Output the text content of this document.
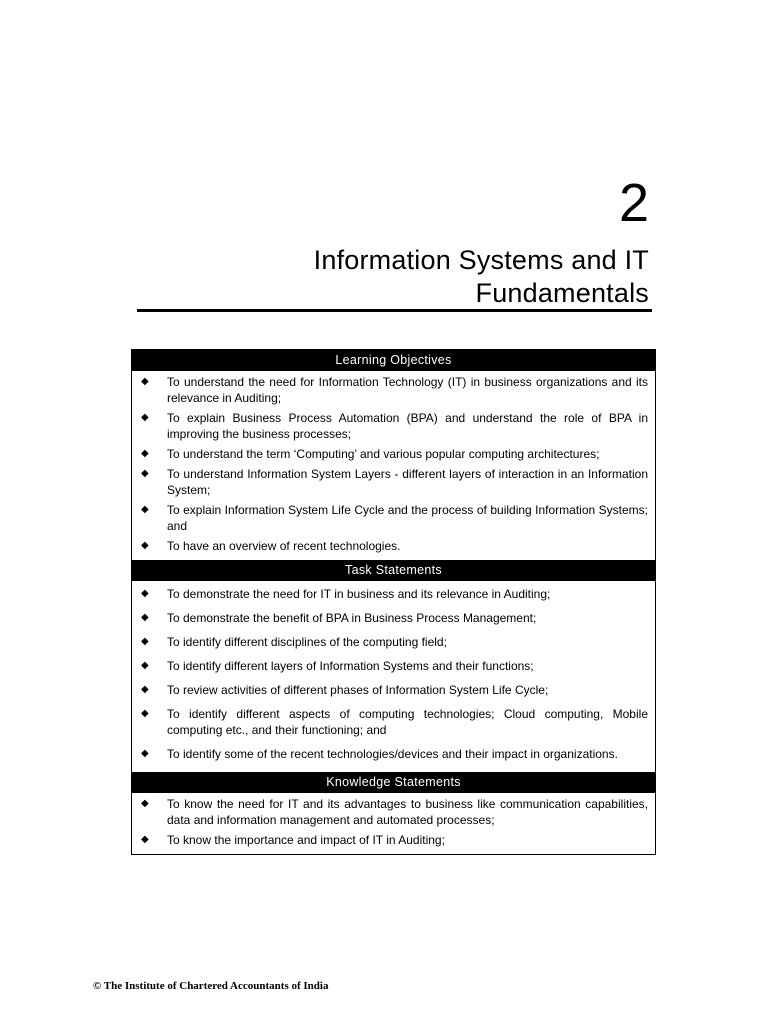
2
Information Systems and IT
Fundamentals
Learning Objectives
◆ To understand the need for Information Technology (IT) in business organizations and its relevance in Auditing;
◆ To explain Business Process Automation (BPA) and understand the role of BPA in improving the business processes;
◆ To understand the term ‘Computing’ and various popular computing architectures;
◆ To understand Information System Layers - different layers of interaction in an Information System;
◆ To explain Information System Life Cycle and the process of building Information Systems; and
◆ To have an overview of recent technologies.
Task Statements
◆ To demonstrate the need for IT in business and its relevance in Auditing;
◆ To demonstrate the benefit of BPA in Business Process Management;
◆ To identify different disciplines of the computing field;
◆ To identify different layers of Information Systems and their functions;
◆ To review activities of different phases of Information System Life Cycle;
◆ To identify different aspects of computing technologies; Cloud computing, Mobile computing etc., and their functioning; and
◆ To identify some of the recent technologies/devices and their impact in organizations.
Knowledge Statements
◆ To know the need for IT and its advantages to business like communication capabilities, data and information management and automated processes;
◆ To know the importance and impact of IT in Auditing;
© The Institute of Chartered Accountants of India
